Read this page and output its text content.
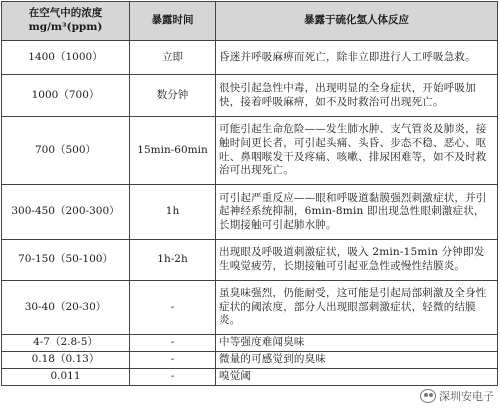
在空气中的浓度
mg/m³(ppm)	暴露时间	暴露于硫化氢人体反应
1400（1000）	立即	昏迷并呼吸麻痹而死亡，除非立即进行人工呼吸急救。
1000（700）	数分钟	很快引起急性中毒，出现明显的全身症状，开始呼吸加快，接着呼吸麻痹，如不及时救治可出现死亡。
700（500）	15min-60min	可能引起生命危险——发生肺水肿、支气管炎及肺炎，接触时间更长者，可引起头痛、头昏、步态不稳、恶心、呕吐、鼻咽喉发干及疼痛、咳嗽、排尿困难等，如不及时救治可出现死亡。
300-450（200-300）	1h	可引起严重反应——眼和呼吸道黏膜强烈刺激症状，并引起神经系统抑制，6min-8min 即出现急性眼刺激症状，长期接触可引起肺水肿。
70-150（50-100）	1h-2h	出现眼及呼吸道刺激症状，吸入 2min-15min 分钟即发生嗅觉疲劳，长期接触可引起亚急性或慢性结膜炎。
30-40（20-30）	-	虽臭味强烈，仍能耐受，这可能是引起局部刺激及全身性症状的阈浓度，部分人出现眼部刺激症状，轻微的结膜炎。
4-7（2.8-5）	-	中等强度难闻臭味
0.18（0.13）	-	微量的可感觉到的臭味
0.011	-	嗅觉阈
深圳安电子
